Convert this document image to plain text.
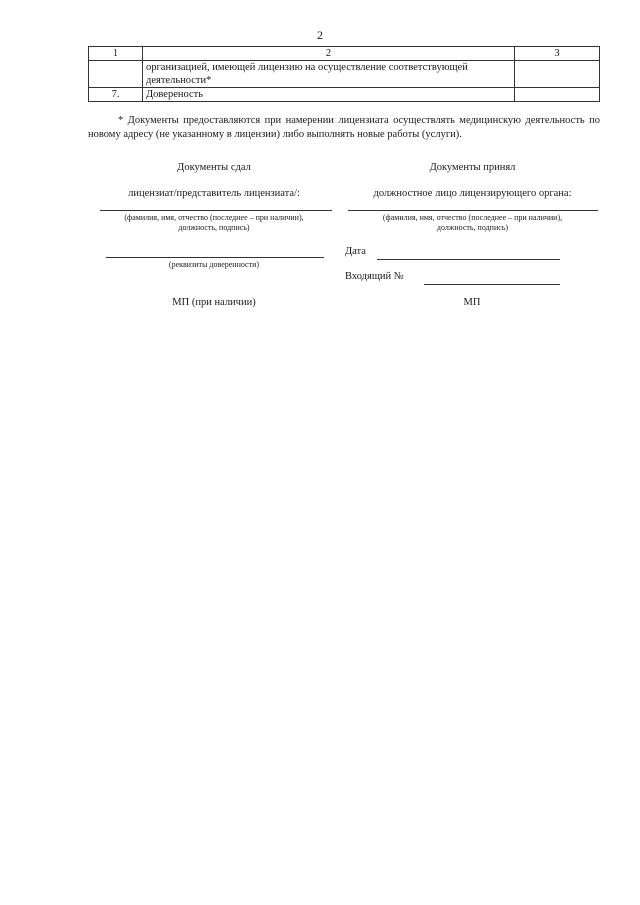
2
1	2	3
	организацией, имеющей лицензию на осуществление соответствующей деятельности*	
7.	Довереность	
* Документы предоставляются при намерении лицензиата осуществлять медицинскую деятельность по новому адресу (не указанному в лицензии) либо выполнять новые работы (услуги).
Документы сдал
лицензиат/представитель лицензиата/:
(фамилия, имя, отчество (последнее – при наличии),
должность, подпись)
(реквизиты доверенности)
МП (при наличии)
Документы принял
должностное лицо лицензирующего органа:
(фамилия, имя, отчество (последнее – при наличии),
должность, подпись)
Дата
Входящий №
МП
